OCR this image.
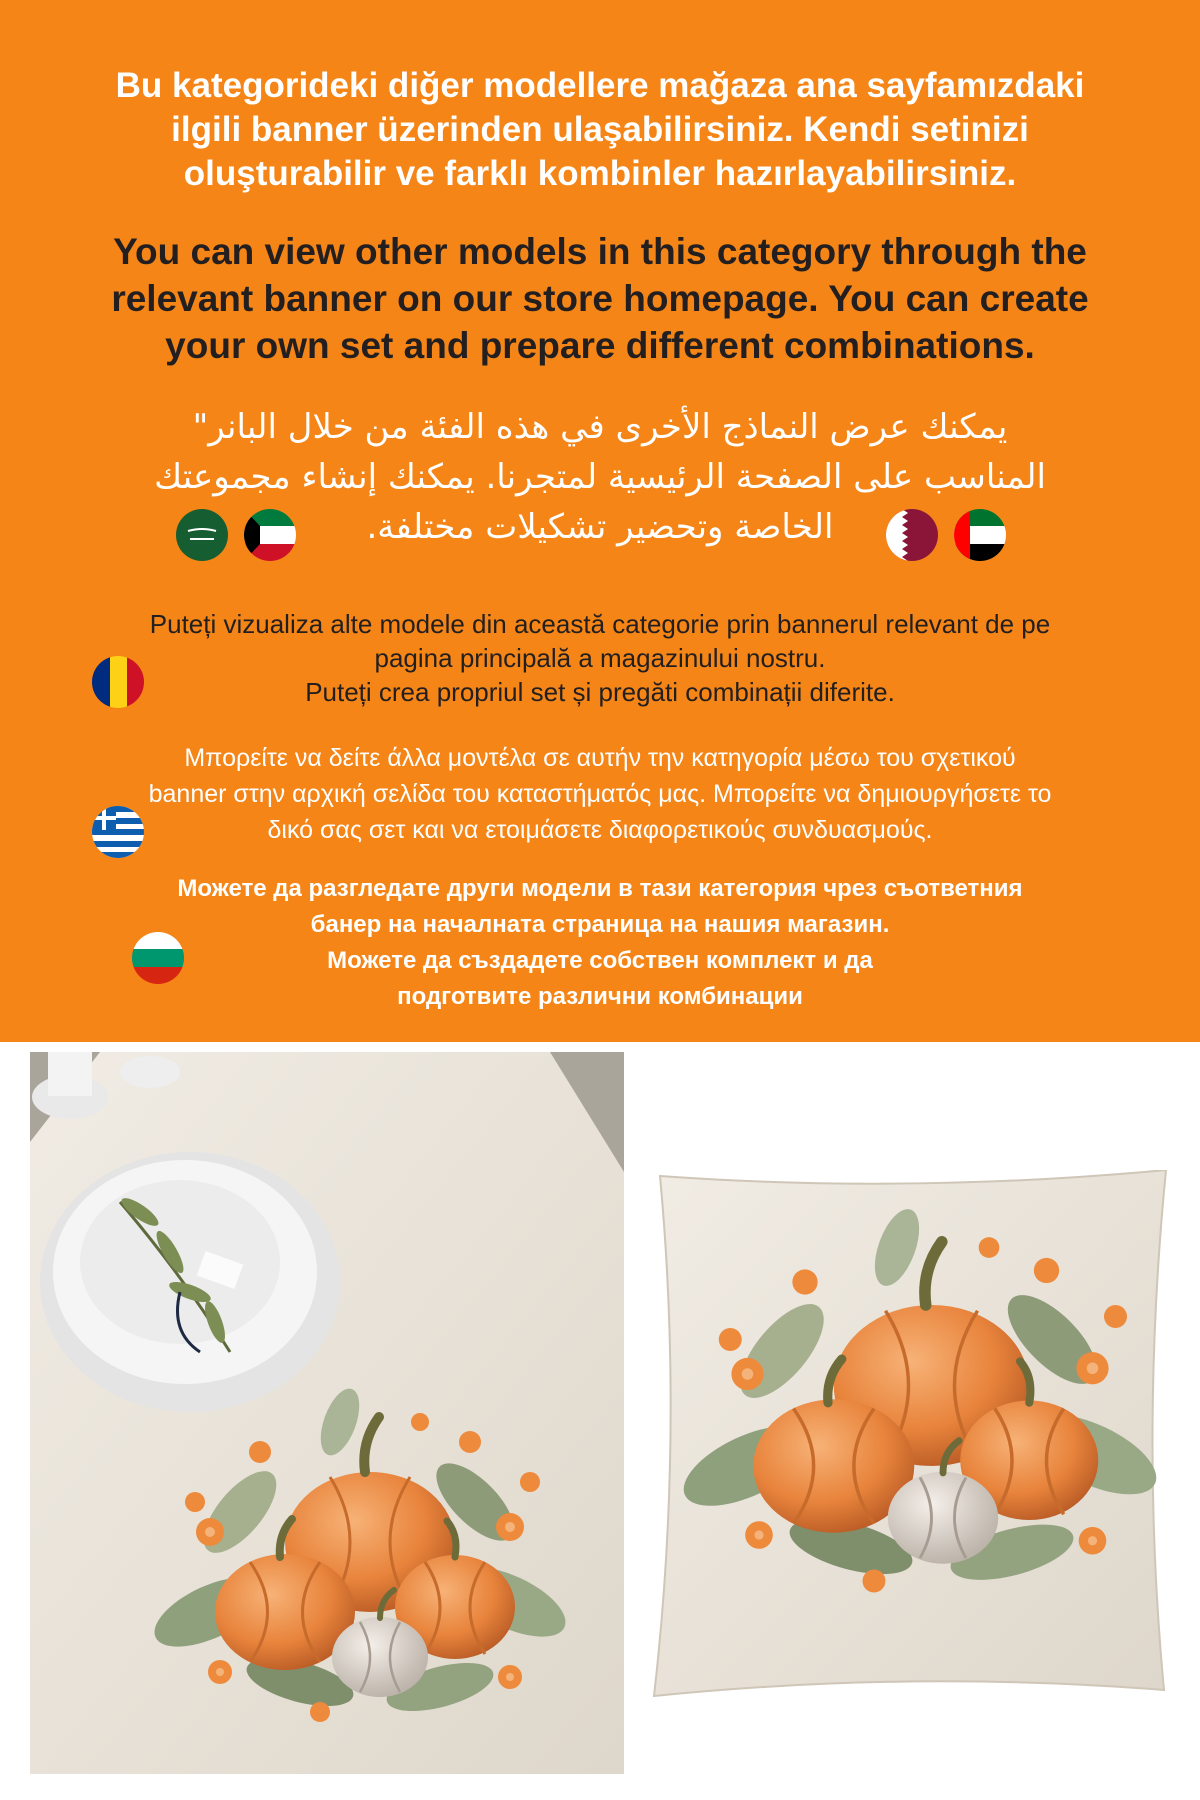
Bu kategorideki diğer modellere mağaza ana sayfamızdaki
ilgili banner üzerinden ulaşabilirsiniz. Kendi setinizi
oluşturabilir ve farklı kombinler hazırlayabilirsiniz.
You can view other models in this category through the
relevant banner on our store homepage. You can create
your own set and prepare different combinations.
يمكنك عرض النماذج الأخرى في هذه الفئة من خلال البانر"
المناسب على الصفحة الرئيسية لمتجرنا. يمكنك إنشاء مجموعتك
الخاصة وتحضير تشكيلات مختلفة.
Puteți vizualiza alte modele din această categorie prin bannerul relevant de pe
pagina principală a magazinului nostru.
Puteți crea propriul set și pregăti combinații diferite.
Μπορείτε να δείτε άλλα μοντέλα σε αυτήν την κατηγορία μέσω του σχετικού
banner στην αρχική σελίδα του καταστήματός μας. Μπορείτε να δημιουργήσετε το
δικό σας σετ και να ετοιμάσετε διαφορετικούς συνδυασμούς.
Можете да разгледате други модели в тази категория чрез съответния
банер на началната страница на нашия магазин.
Можете да създадете собствен комплект и да
подготвите различни комбинации
